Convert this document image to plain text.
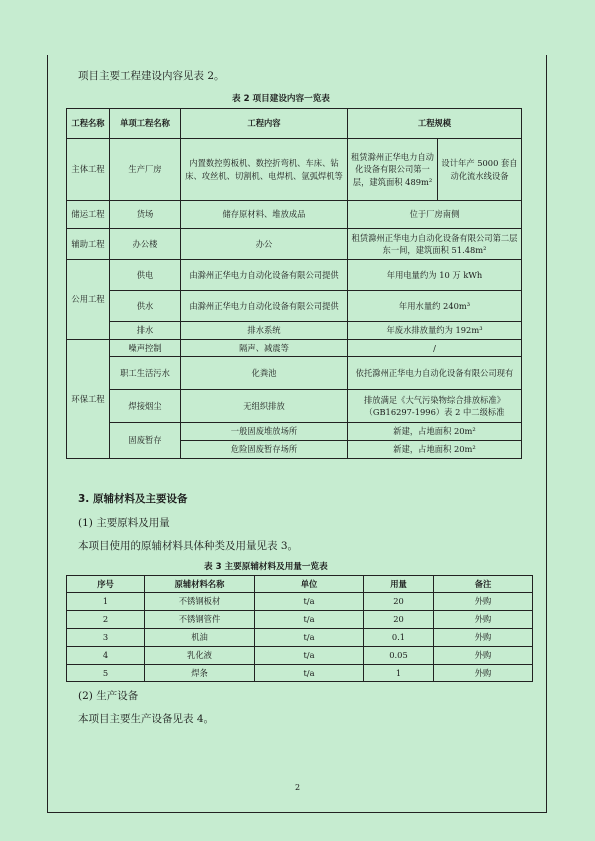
项目主要工程建设内容见表 2。
表 2 项目建设内容一览表
工程名称	单项工程名称	工程内容	工程规模	
主体工程	生产厂房	内置数控剪板机、数控折弯机、车床、钻床、攻丝机、切割机、电焊机、氩弧焊机等	租赁滁州正华电力自动化设备有限公司第一层，建筑面积 489m²	设计年产 5000 套自动化流水线设备
储运工程	货场	储存原材料、堆放成品	位于厂房南侧	
辅助工程	办公楼	办公	租赁滁州正华电力自动化设备有限公司第二层东一间，建筑面积 51.48m²	
公用工程	供电	由滁州正华电力自动化设备有限公司提供	年用电量约为 10 万 kWh	
	供水	由滁州正华电力自动化设备有限公司提供	年用水量约 240m³	
	排水	排水系统	年废水排放量约为 192m³	
环保工程	噪声控制	隔声、减震等	/	
	职工生活污水	化粪池	依托滁州正华电力自动化设备有限公司现有	
	焊接烟尘	无组织排放	排放满足《大气污染物综合排放标准》（GB16297-1996）表 2 中二级标准	
	固废暂存	一般固废堆放场所	新建，占地面积 20m²	
		危险固废暂存场所	新建，占地面积 20m²	
3. 原辅材料及主要设备
(1) 主要原料及用量
本项目使用的原辅材料具体种类及用量见表 3。
表 3 主要原辅材料及用量一览表
序号	原辅材料名称	单位	用量	备注
1	不锈钢板材	t/a	20	外购
2	不锈钢管件	t/a	20	外购
3	机油	t/a	0.1	外购
4	乳化液	t/a	0.05	外购
5	焊条	t/a	1	外购
(2) 生产设备
本项目主要生产设备见表 4。
2
